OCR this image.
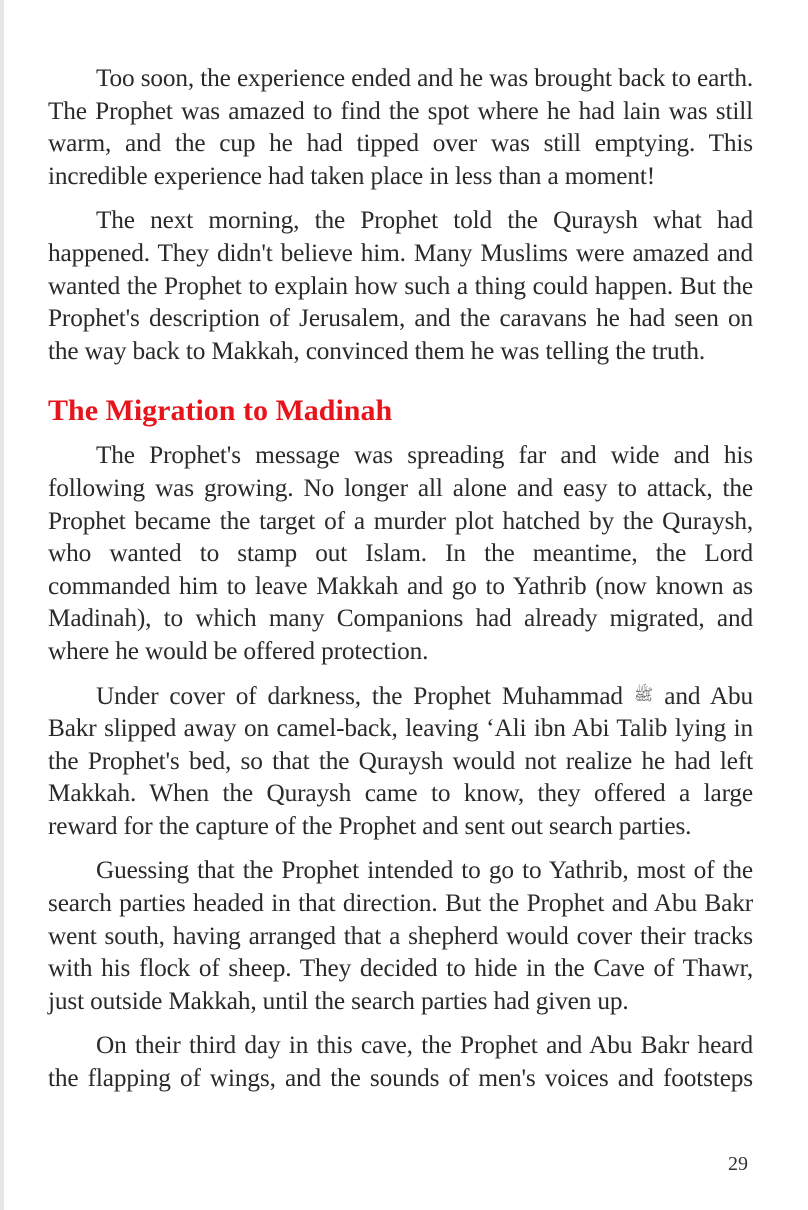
Too soon, the experience ended and he was brought back to earth. The Prophet was amazed to find the spot where he had lain was still warm, and the cup he had tipped over was still emptying. This incredible experience had taken place in less than a moment!

The next morning, the Prophet told the Quraysh what had happened. They didn't believe him. Many Muslims were amazed and wanted the Prophet to explain how such a thing could happen. But the Prophet's description of Jerusalem, and the caravans he had seen on the way back to Makkah, convinced them he was telling the truth.

The Migration to Madinah

The Prophet's message was spreading far and wide and his following was growing. No longer all alone and easy to attack, the Prophet became the target of a murder plot hatched by the Quraysh, who wanted to stamp out Islam. In the meantime, the Lord commanded him to leave Makkah and go to Yathrib (now known as Madinah), to which many Companions had already migrated, and where he would be offered protection.

Under cover of darkness, the Prophet Muhammad ﷺ and Abu Bakr slipped away on camel-back, leaving ‘Ali ibn Abi Talib lying in the Prophet's bed, so that the Quraysh would not realize he had left Makkah. When the Quraysh came to know, they offered a large reward for the capture of the Prophet and sent out search parties.

Guessing that the Prophet intended to go to Yathrib, most of the search parties headed in that direction. But the Prophet and Abu Bakr went south, having arranged that a shepherd would cover their tracks with his flock of sheep. They decided to hide in the Cave of Thawr, just outside Makkah, until the search parties had given up.

On their third day in this cave, the Prophet and Abu Bakr heard the flapping of wings, and the sounds of men's voices and footsteps

29
